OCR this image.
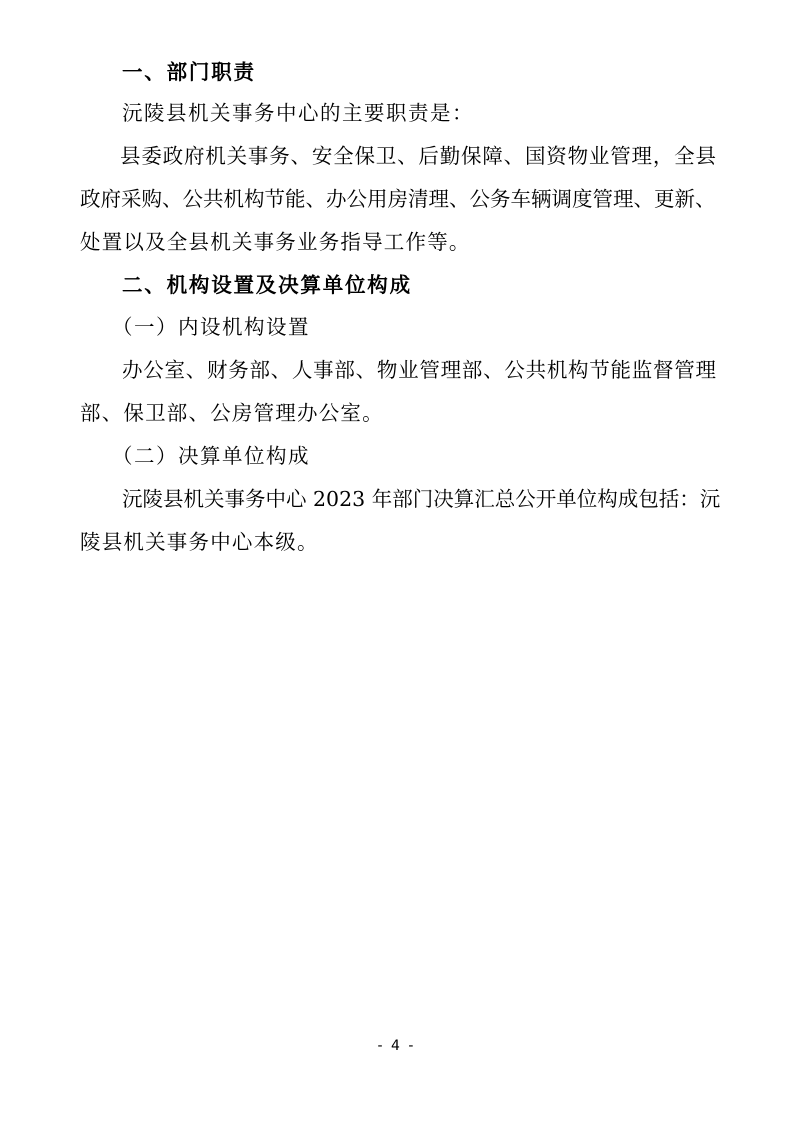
一、部门职责
沅陵县机关事务中心的主要职责是：
县委政府机关事务、安全保卫、后勤保障、国资物业管理，全县
政府采购、公共机构节能、办公用房清理、公务车辆调度管理、更新、
处置以及全县机关事务业务指导工作等。
二、机构设置及决算单位构成
（一）内设机构设置
办公室、财务部、人事部、物业管理部、公共机构节能监督管理
部、保卫部、公房管理办公室。
（二）决算单位构成
沅陵县机关事务中心 2023 年部门决算汇总公开单位构成包括：沅
陵县机关事务中心本级。
- 4 -
